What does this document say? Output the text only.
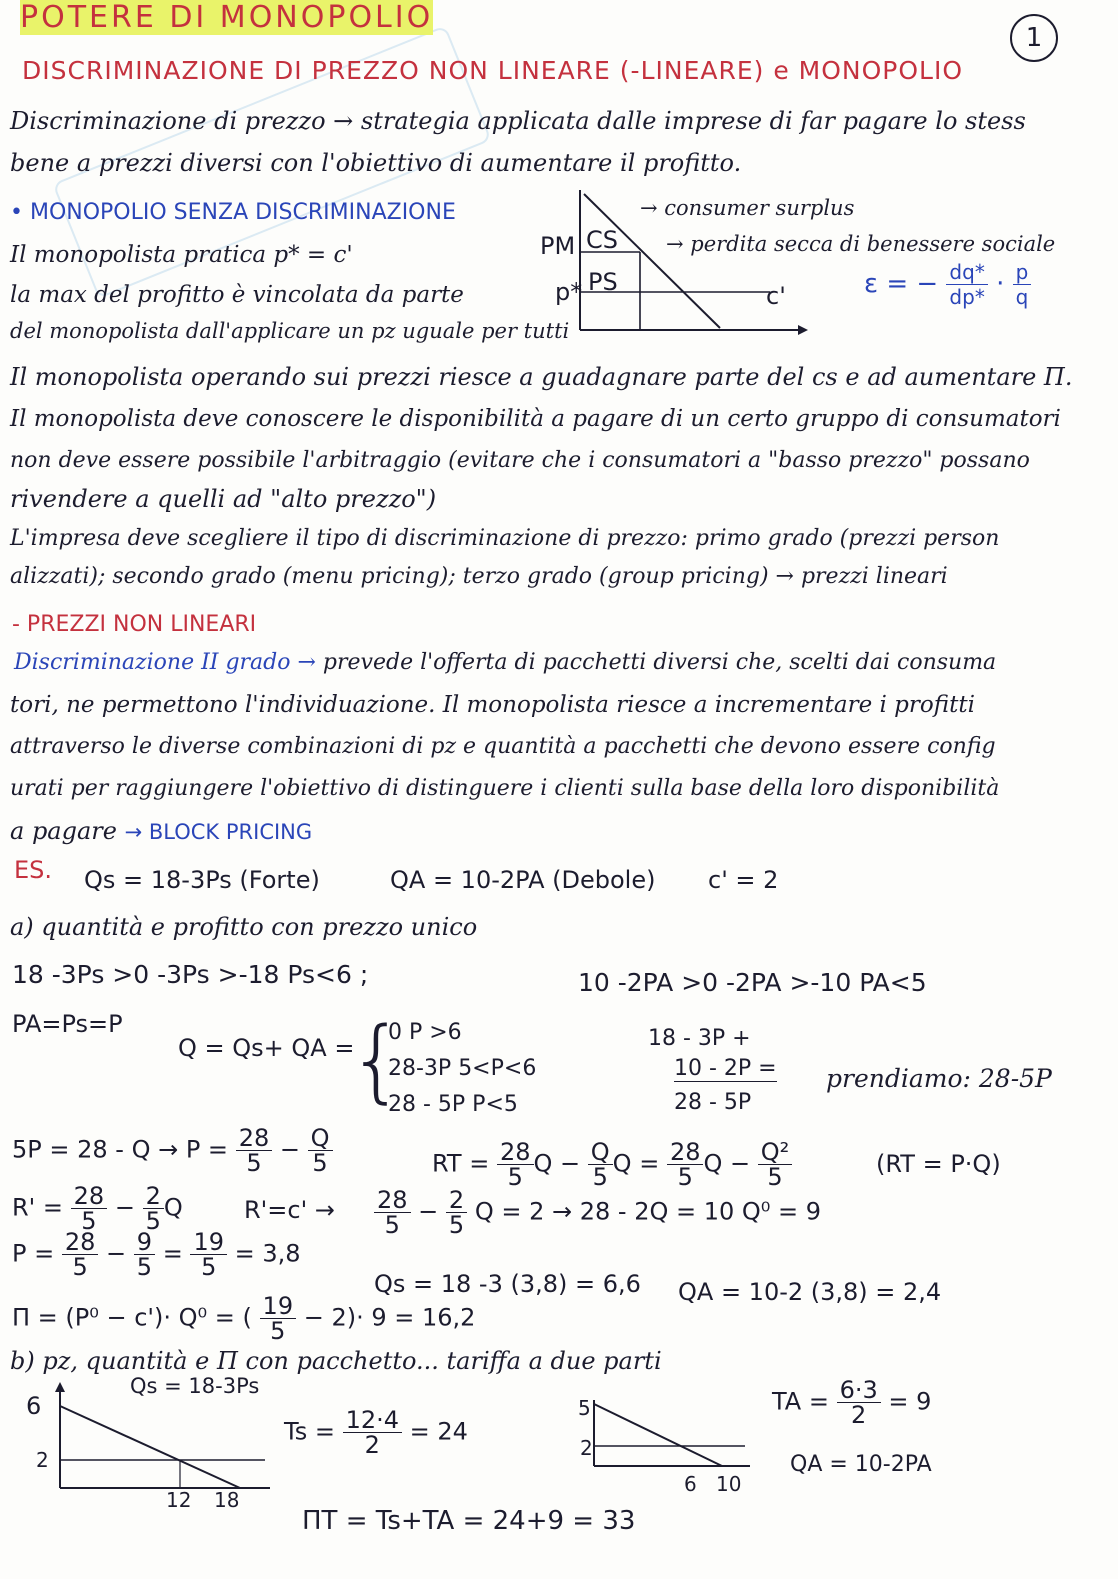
POTERE DI MONOPOLIO
1
DISCRIMINAZIONE DI PREZZO NON LINEARE (-LINEARE) e MONOPOLIO
Discriminazione di prezzo → strategia applicata dalle imprese di far pagare lo stess
bene a prezzi diversi con l'obiettivo di aumentare il profitto.
• MONOPOLIO SENZA DISCRIMINAZIONE
Il monopolista pratica p* = c'
la max del profitto è vincolata da parte
del monopolista dall'applicare un pz uguale per tutti
PM
p*
CS
PS	c'
→ consumer surplus
→ perdita secca di benessere sociale
ε = − $\frac{dq*}{dp*} \cdot \frac{p}{q}$
Il monopolista operando sui prezzi riesce a guadagnare parte del cs e ad aumentare Π.
Il monopolista deve conoscere le disponibilità a pagare di un certo gruppo di consumatori
non deve essere possibile l'arbitraggio (evitare che i consumatori a "basso prezzo" possano
rivendere a quelli ad "alto prezzo")
L'impresa deve scegliere il tipo di discriminazione di prezzo: primo grado (prezzi person
alizzati); secondo grado (menu pricing); terzo grado (group pricing) → prezzi lineari
- PREZZI NON LINEARI
Discriminazione II grado → prevede l'offerta di pacchetti diversi che, scelti dai consuma
tori, ne permettono l'individuazione. Il monopolista riesce a incrementare i profitti
attraverso le diverse combinazioni di pz e quantità a pacchetti che devono essere config
urati per raggiungere l'obiettivo di distinguere i clienti sulla base della loro disponibilità
a pagare → BLOCK PRICING
ES. Qs = 18-3Ps (Forte)	QA = 10-2PA (Debole) c' = 2
a) quantità e profitto con prezzo unico
18 -3Ps >0 -3Ps >-18 Ps<6 ;	10 -2PA >0 -2PA >-10 PA<5
PA=Ps=P
Q = Qs+ QA =
{
0 P >6
28-3P 5<P<6
28 - 5P P<5
18 - 3P +
10 - 2P =
28 - 5P
prendiamo: 28-5P
$5P = 28 - Q \to P = \frac{28}{5} - \frac{Q}{5}$	RT = $\frac{28}{5}$ $Q - \frac{Q}{5}$ $Q = \frac{28}{5}$ $Q - \frac{\text{Q²}}{5}$	(RT = P·Q)
$R' = \frac{28}{5} - \frac{2}{5}$ Q	$R'=c' \to \frac{28}{5} - \frac{2}{5}$ Q = 2 → 28 - 2Q = 10 Q⁰ = 9
$P = \frac{28}{5} - \frac{9}{5} = \frac{19}{5} = 3,8$
Qs = 18 -3 (3,8) = 6,6 QA = 10-2 (3,8) = 2,4
Π = (P⁰ − c')· Q⁰ = ( $\frac{19}{5} - 2)\cdot 9 = 16,2$
b) pz, quantità e Π con pacchetto... tariffa a due parti
6
2
12 18
Qs = 18-3Ps
$Ts = \frac{12\cdot 4}{2} = 24$
5
2
6 10
TA = $\frac{6\cdot 3}{2} = 9$
QA = 10-2PA
ΠT = Ts+TA = 24+9 = 33
